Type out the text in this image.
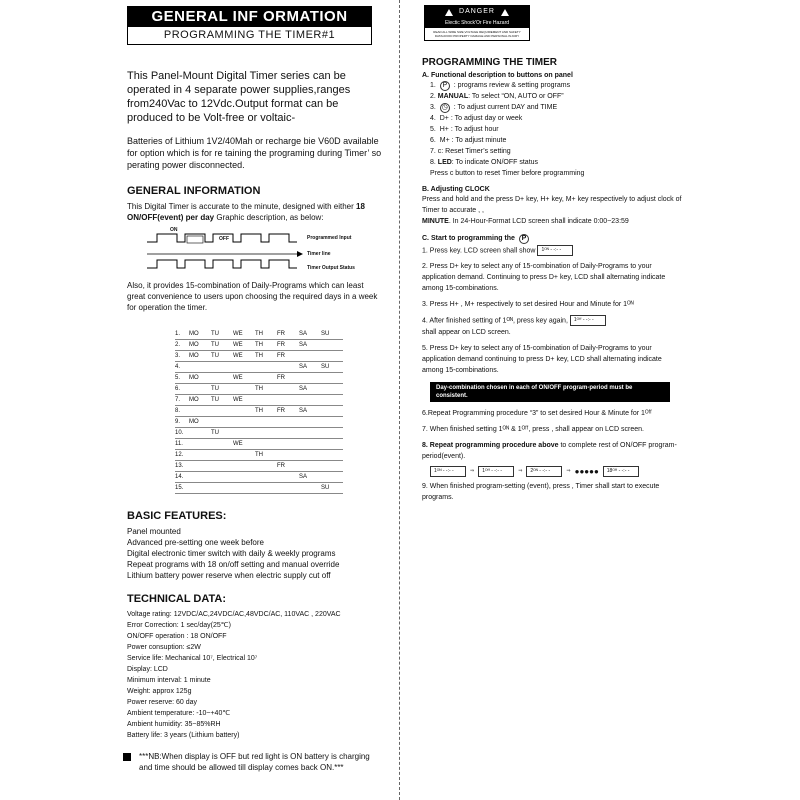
GENERAL INF ORMATION
PROGRAMMING THE TIMER#1
This Panel-Mount Digital Timer series can be operated in 4 separate power supplies,ranges from240Vac to 12Vdc.Output format can be produced to be Volt-free or voltaic-
Batteries of Lithium 1V2/40Mah or recharge bie V60D available for option which is for re taining the programing during Timer’ so perating power disconnected.
GENERAL INFORMATION
This Digital Timer is accurate to the minute, designed with either 18 ON/OFF(event) per day Graphic description, as below:
ON
OFF	Programmed Input
Timer line
Timer Output Status
Also, it provides 15-combination of Daily-Programs which can least great convenience to users upon choosing the required days in a week for operation the timer.
1.	MO	TU	WE	TH	FR	SA	SU
2.	MO	TU	WE	TH	FR	SA	
3.	MO	TU	WE	TH	FR		
4.						SA	SU
5.	MO		WE		FR		
6.		TU		TH		SA	
7.	MO	TU	WE				
8.				TH	FR	SA	
9.	MO						
10.		TU					
11.			WE				
12.				TH			
13.					FR		
14.						SA	
15.							SU
BASIC FEATURES:
Panel mounted
Advanced pre-setting one week before
Digital electronic timer switch with daily & weekly programs
Repeat programs with 18 on/off setting and manual override
Lithium battery power reserve when electric supply cut off
TECHNICAL DATA:
Voltage rating: 12VDC/AC,24VDC/AC,48VDC/AC, 110VAC , 220VAC
Error Correction: 1 sec/day(25℃)
ON/OFF operation : 18 ON/OFF
Power consuption: ≤2W
Service life: Mechanical 10⁷, Electrical 10⁷
Display: LCD
Minimum interval: 1 minute
Weight: approx 125g
Power reserve: 60 day
Ambient temperature: -10~+40℃
Ambient humidity: 35~85%RH
Battery life: 3 years (Lithium battery)
***NB:When display is OFF but red light is ON battery is charging and time should be allowed till display comes back ON.***
DANGER
Electic Shock'Or Fire Hazard
READ ALL WIRE SIZE,VOLTAGE REQUIREMENT AND SAFETY DATA/AVOID PROPERTY DAMAGE AND PERSONAL INJURY
PROGRAMMING THE TIMER
A. Functional description to buttons on panel
1. P : programs review & setting programs
2. MANUAL: To select “ON, AUTO or OFF”
3. ◷ : To adjust current DAY and TIME
4.  D+ : To adjust day or week
5.  H+ : To adjust hour
6.  M+ : To adjust minute
7. c: Reset Timer’s setting
8. LED: To indicate ON/OFF status
Press c button to reset Timer before programming
B. Adjusting CLOCK
Press and hold and the press D+ key, H+ key, M+ key respectively to adjust clock of Timer to accurate , ,
MINUTE. In 24-Hour-Format LCD screen shall indicate 0:00~23:59
C. Start to programming the P
1. Press key. LCD screen shall show 1ᴼᴺ - -:- -
2. Press D+ key to select any of 15-combination of Daily-Programs to your application demand. Continuing to press D+ key, LCD shall alternating indicate among 15-combinations.
3. Press H+ , M+ respectively to set desired Hour and Minute for 1ᴼᴺ
4. After finished setting of 1ᴼᴺ, press key again, 1ᴼᶠᶠ - -:- -
shall appear on LCD screen.
5. Press D+ key to select any of 15-combination of Daily-Programs to your application demand continuing to press D+ key, LCD shall alternating indicate among 15-combinations.
Day-combination chosen in each of ON/OFF program-period must be consistent.
6.Repeat Programming procedure “3” to set desired Hour & Minute for 1ᴼᶠᶠ
7. When finished setting 1ᴼᴺ & 1ᴼᶠᶠ, press , shall appear on LCD screen.
8. Repeat programming procedure above to complete rest of ON/OFF program-period(event).
1ᴼᴺ - -:- -	⇒	1ᴼᶠᶠ - -:- -	⇒	2ᴼᴺ - -:- -	⇒ ●●●●●	18ᴼᶠᶠ - -:- -
9. When finished program-setting (event), press , Timer shall start to execute programs.
